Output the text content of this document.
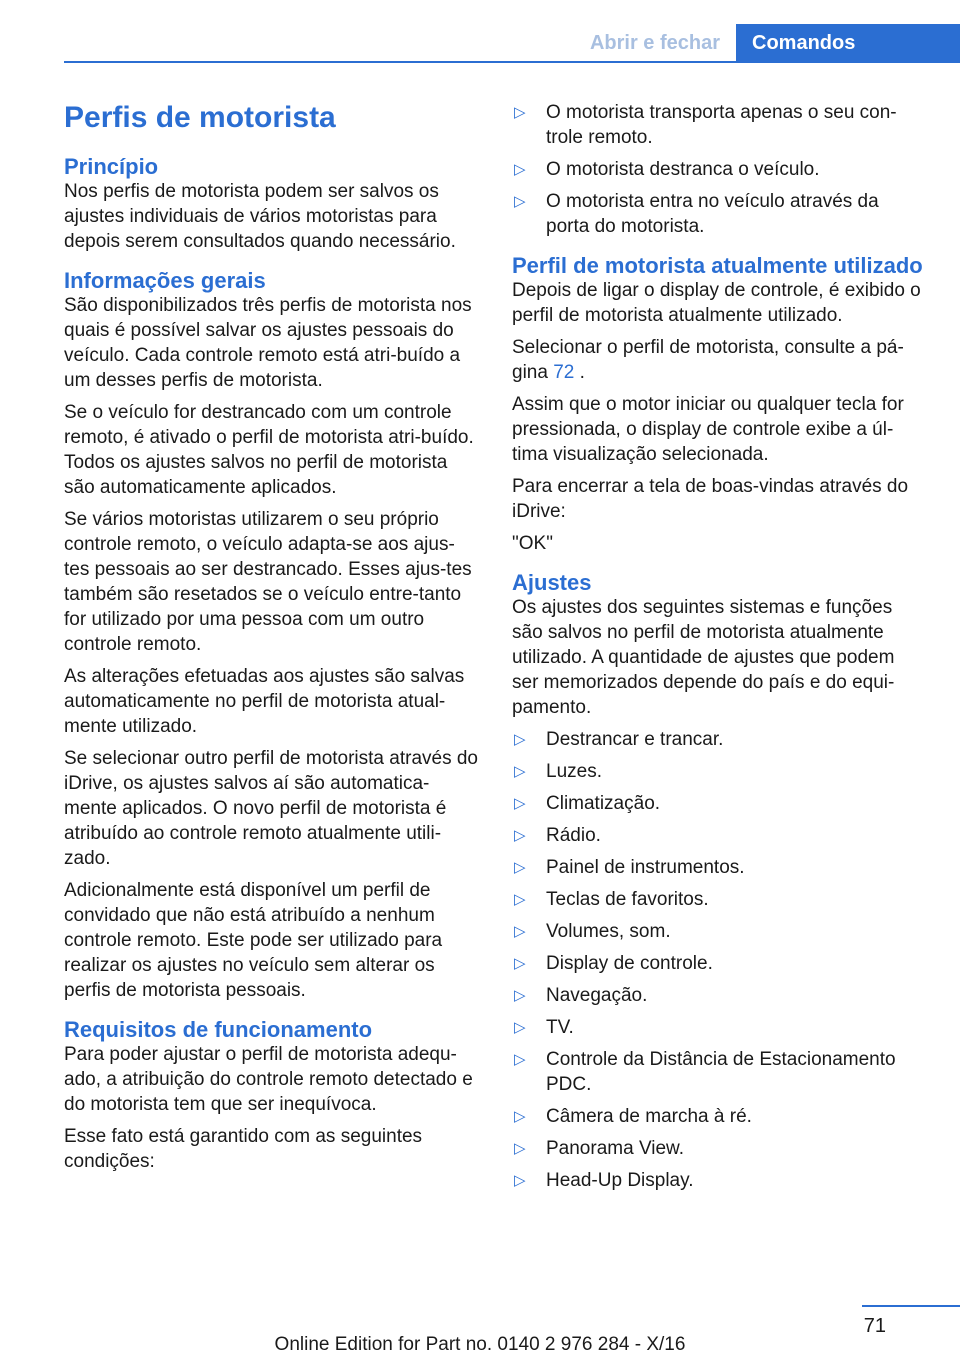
Abrir e fechar	Comandos
Perfis de motorista
Princípio

Nos perfis de motorista podem ser salvos os ajustes individuais de vários motoristas para depois serem consultados quando necessário.

Informações gerais

São disponibilizados três perfis de motorista nos quais é possível salvar os ajustes pessoais do veículo. Cada controle remoto está atri‐buído a um desses perfis de motorista.

Se o veículo for destrancado com um controle remoto, é ativado o perfil de motorista atri‐buído. Todos os ajustes salvos no perfil de motorista são automaticamente aplicados.

Se vários motoristas utilizarem o seu próprio controle remoto, o veículo adapta-se aos ajus‐tes pessoais ao ser destrancado. Esses ajus‐tes também são resetados se o veículo entre‐tanto for utilizado por uma pessoa com um outro controle remoto.

As alterações efetuadas aos ajustes são salvas automaticamente no perfil de motorista atual‐mente utilizado.

Se selecionar outro perfil de motorista através do iDrive, os ajustes salvos aí são automatica‐mente aplicados. O novo perfil de motorista é atribuído ao controle remoto atualmente utili‐zado.

Adicionalmente está disponível um perfil de convidado que não está atribuído a nenhum controle remoto. Este pode ser utilizado para realizar os ajustes no veículo sem alterar os perfis de motorista pessoais.

Requisitos de funcionamento

Para poder ajustar o perfil de motorista adequ‐ado, a atribuição do controle remoto detectado e do motorista tem que ser inequívoca.

Esse fato está garantido com as seguintes condições:

▷ O motorista transporta apenas o seu con‐trole remoto.
▷ O motorista destranca o veículo.
▷ O motorista entra no veículo através da porta do motorista.
Perfil de motorista atualmente utilizado

Depois de ligar o display de controle, é exibido o perfil de motorista atualmente utilizado.

Selecionar o perfil de motorista, consulte a pá‐gina 72 .

Assim que o motor iniciar ou qualquer tecla for pressionada, o display de controle exibe a úl‐tima visualização selecionada.

Para encerrar a tela de boas-vindas através do iDrive:

"OK"

Ajustes

Os ajustes dos seguintes sistemas e funções são salvos no perfil de motorista atualmente utilizado. A quantidade de ajustes que podem ser memorizados depende do país e do equi‐pamento.

▷ Destrancar e trancar.
▷ Luzes.
▷ Climatização.
▷ Rádio.
▷ Painel de instrumentos.
▷ Teclas de favoritos.
▷ Volumes, som.
▷ Display de controle.
▷ Navegação.
▷ TV.
▷ Controle da Distância de Estacionamento PDC.
▷ Câmera de marcha à ré.
▷ Panorama View.
▷ Head-Up Display.
71
Online Edition for Part no. 0140 2 976 284 - X/16
